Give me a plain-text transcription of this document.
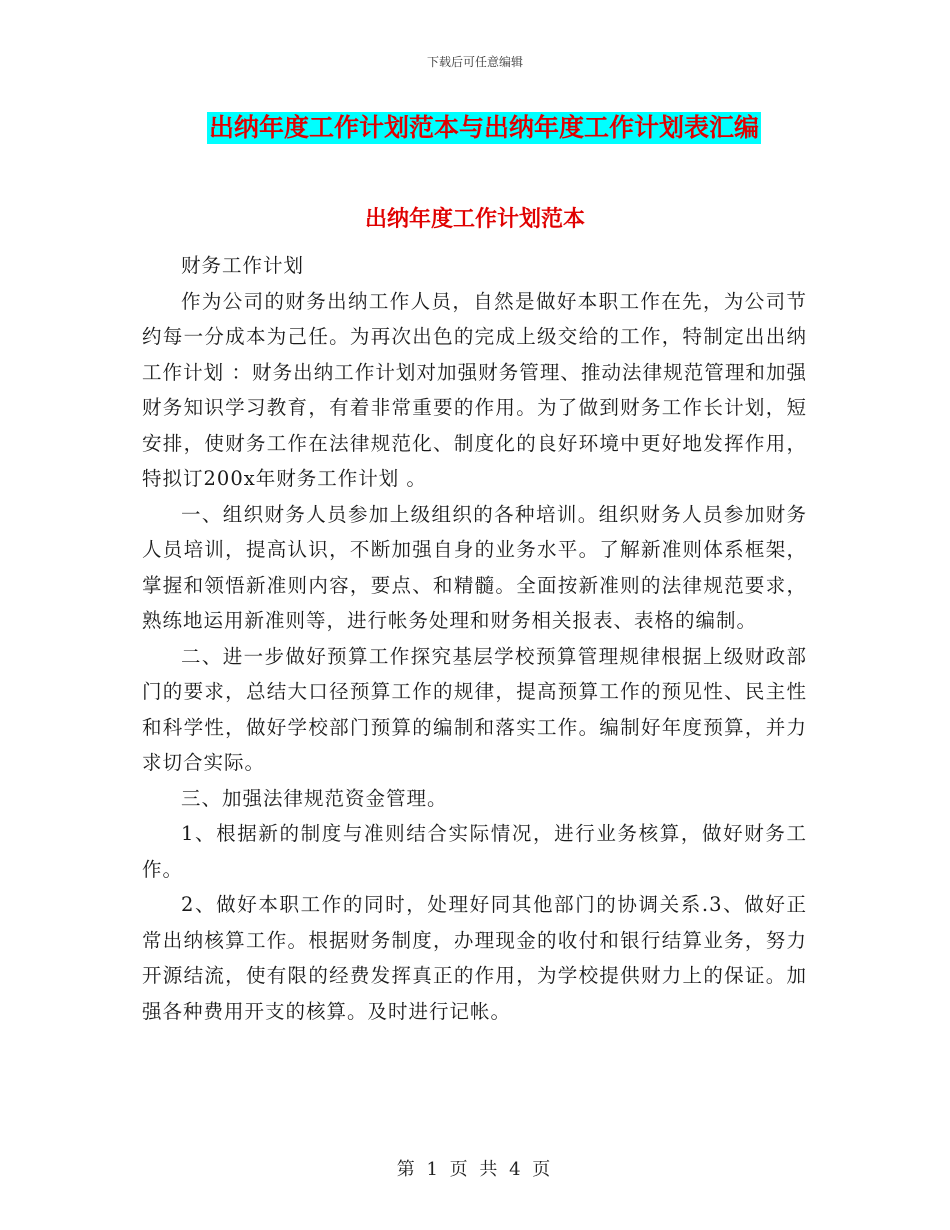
下载后可任意编辑
出纳年度工作计划范本与出纳年度工作计划表汇编
出纳年度工作计划范本

财务工作计划

作为公司的财务出纳工作人员，自然是做好本职工作在先，为公司节约每一分成本为己任。为再次出色的完成上级交给的工作，特制定出出纳工作计划 ：财务出纳工作计划对加强财务管理、推动法律规范管理和加强财务知识学习教育，有着非常重要的作用。为了做到财务工作长计划，短安排，使财务工作在法律规范化、制度化的良好环境中更好地发挥作用，特拟订200x年财务工作计划 。

一、组织财务人员参加上级组织的各种培训。组织财务人员参加财务人员培训，提高认识，不断加强自身的业务水平。了解新准则体系框架，掌握和领悟新准则内容，要点、和精髓。全面按新准则的法律规范要求，熟练地运用新准则等，进行帐务处理和财务相关报表、表格的编制。

二、进一步做好预算工作探究基层学校预算管理规律根据上级财政部门的要求，总结大口径预算工作的规律，提高预算工作的预见性、民主性和科学性，做好学校部门预算的编制和落实工作。编制好年度预算，并力求切合实际。

三、加强法律规范资金管理。

1、根据新的制度与准则结合实际情况，进行业务核算，做好财务工作。

2、做好本职工作的同时，处理好同其他部门的协调关系.3、做好正常出纳核算工作。根据财务制度，办理现金的收付和银行结算业务，努力开源结流，使有限的经费发挥真正的作用，为学校提供财力上的保证。加强各种费用开支的核算。及时进行记帐。

第 1 页 共 4 页
